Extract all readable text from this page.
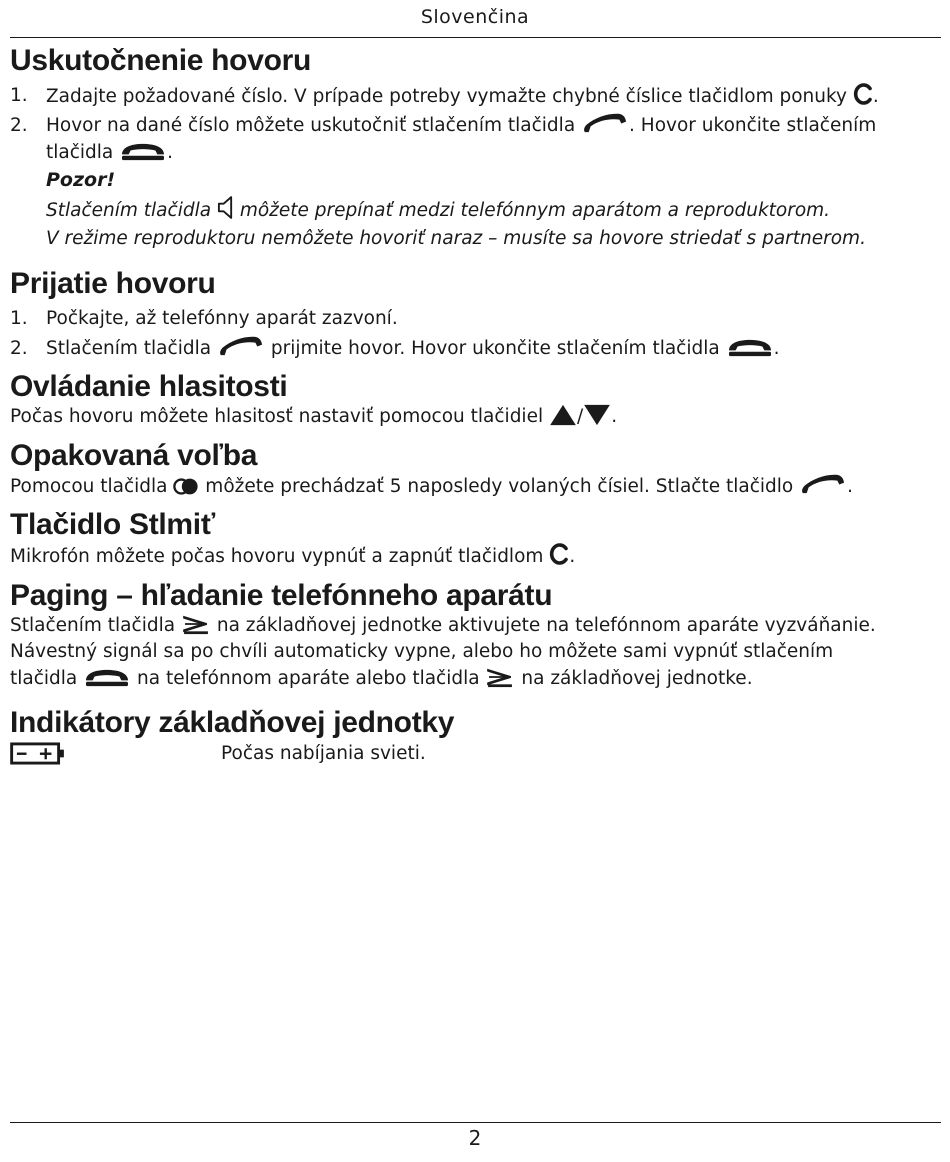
Slovenčina
Uskutočnenie hovoru
1. Zadajte požadované číslo. V prípade potreby vymažte chybné číslice tlačidlom ponuky .
2. Hovor na dané číslo môžete uskutočniť stlačením tlačidla	. Hovor ukončite stlačením
tlačidla	.
Pozor!
Stlačením tlačidla môžete prepínať medzi telefónnym aparátom a reproduktorom.
V režime reproduktoru nemôžete hovoriť naraz – musíte sa hovore striedať s partnerom.
Prijatie hovoru
1. Počkajte, až telefónny aparát zazvoní.
2. Stlačením tlačidla	prijmite hovor. Hovor ukončite stlačením tlačidla	.
Ovládanie hlasitosti

Počas hovoru môžete hlasitosť nastaviť pomocou tlačidiel / .

Opakovaná voľba

Pomocou tlačidla môžete prechádzať 5 naposledy volaných čísiel. Stlačte tlačidlo	.

Tlačidlo Stlmiť

Mikrofón môžete počas hovoru vypnúť a zapnúť tlačidlom .

Paging – hľadanie telefónneho aparátu

Stlačením tlačidla na základňovej jednotke aktivujete na telefónnom aparáte vyzváňanie.
Návestný signál sa po chvíli automaticky vypne, alebo ho môžete sami vypnúť stlačením
tlačidla	na telefónnom aparáte alebo tlačidla na základňovej jednotke.

Indikátory základňovej jednotky
Počas nabíjania svieti.
2
